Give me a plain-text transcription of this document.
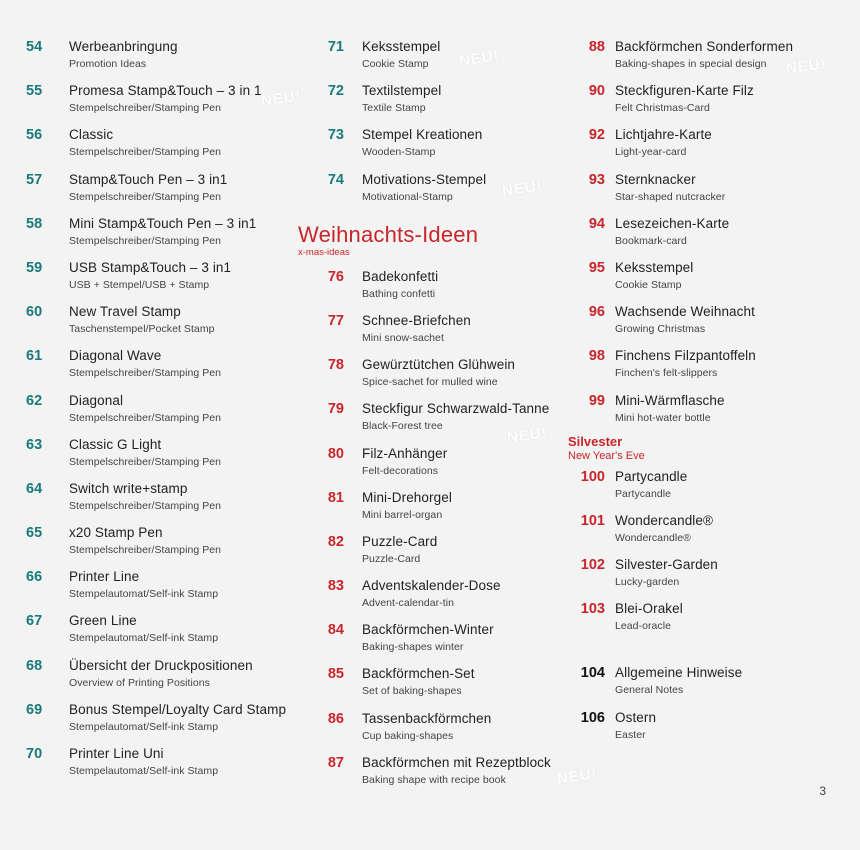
54	Werbeanbringung
Promotion Ideas
55	Promesa Stamp&Touch – 3 in 1
Stempelschreiber/Stamping Pen
56	Classic
Stempelschreiber/Stamping Pen
57	Stamp&Touch Pen – 3 in1
Stempelschreiber/Stamping Pen
58	Mini Stamp&Touch Pen – 3 in1
Stempelschreiber/Stamping Pen
59	USB Stamp&Touch – 3 in1
USB + Stempel/USB + Stamp
60	New Travel Stamp
Taschenstempel/Pocket Stamp
61	Diagonal Wave
Stempelschreiber/Stamping Pen
62	Diagonal
Stempelschreiber/Stamping Pen
63	Classic G Light
Stempelschreiber/Stamping Pen
64	Switch write+stamp
Stempelschreiber/Stamping Pen
65	x20 Stamp Pen
Stempelschreiber/Stamping Pen
66	Printer Line
Stempelautomat/Self-ink Stamp
67	Green Line
Stempelautomat/Self-ink Stamp
68	Übersicht der Druckpositionen
Overview of Printing Positions
69	Bonus Stempel/Loyalty Card Stamp
Stempelautomat/Self-ink Stamp
70	Printer Line Uni
Stempelautomat/Self-ink Stamp
71 Keksstempel
Cookie Stamp
72 Textilstempel
Textile Stamp
73 Stempel Kreationen
Wooden-Stamp
74 Motivations-Stempel
Motivational-Stamp
Weihnachts-Ideen
x-mas-ideas
76 Badekonfetti
Bathing confetti
77 Schnee-Briefchen
Mini snow-sachet
78 Gewürztütchen Glühwein
Spice-sachet for mulled wine
79 Steckfigur Schwarzwald-Tanne
Black-Forest tree
80 Filz-Anhänger
Felt-decorations
81 Mini-Drehorgel
Mini barrel-organ
82 Puzzle-Card
Puzzle-Card
83 Adventskalender-Dose
Advent-calendar-tin
84 Backförmchen-Winter
Baking-shapes winter
85 Backförmchen-Set
Set of baking-shapes
86 Tassenbackförmchen
Cup baking-shapes
87 Backförmchen mit Rezeptblock
Baking shape with recipe book
88 Backförmchen Sonderformen
Baking-shapes in special design
90 Steckfiguren-Karte Filz
Felt Christmas-Card
92 Lichtjahre-Karte
Light-year-card
93 Sternknacker
Star-shaped nutcracker
94 Lesezeichen-Karte
Bookmark-card
95 Keksstempel
Cookie Stamp
96 Wachsende Weihnacht
Growing Christmas
98 Finchens Filzpantoffeln
Finchen's felt-slippers
99 Mini-Wärmflasche
Mini hot-water bottle
Silvester
New Year's Eve
100 Partycandle
Partycandle
101 Wondercandle®
Wondercandle®
102 Silvester-Garden
Lucky-garden
103 Blei-Orakel
Lead-oracle
104 Allgemeine Hinweise
General Notes
106 Ostern
Easter
NEU!
NEU!
NEU!
NEU!
NEU!
NEU!
3
